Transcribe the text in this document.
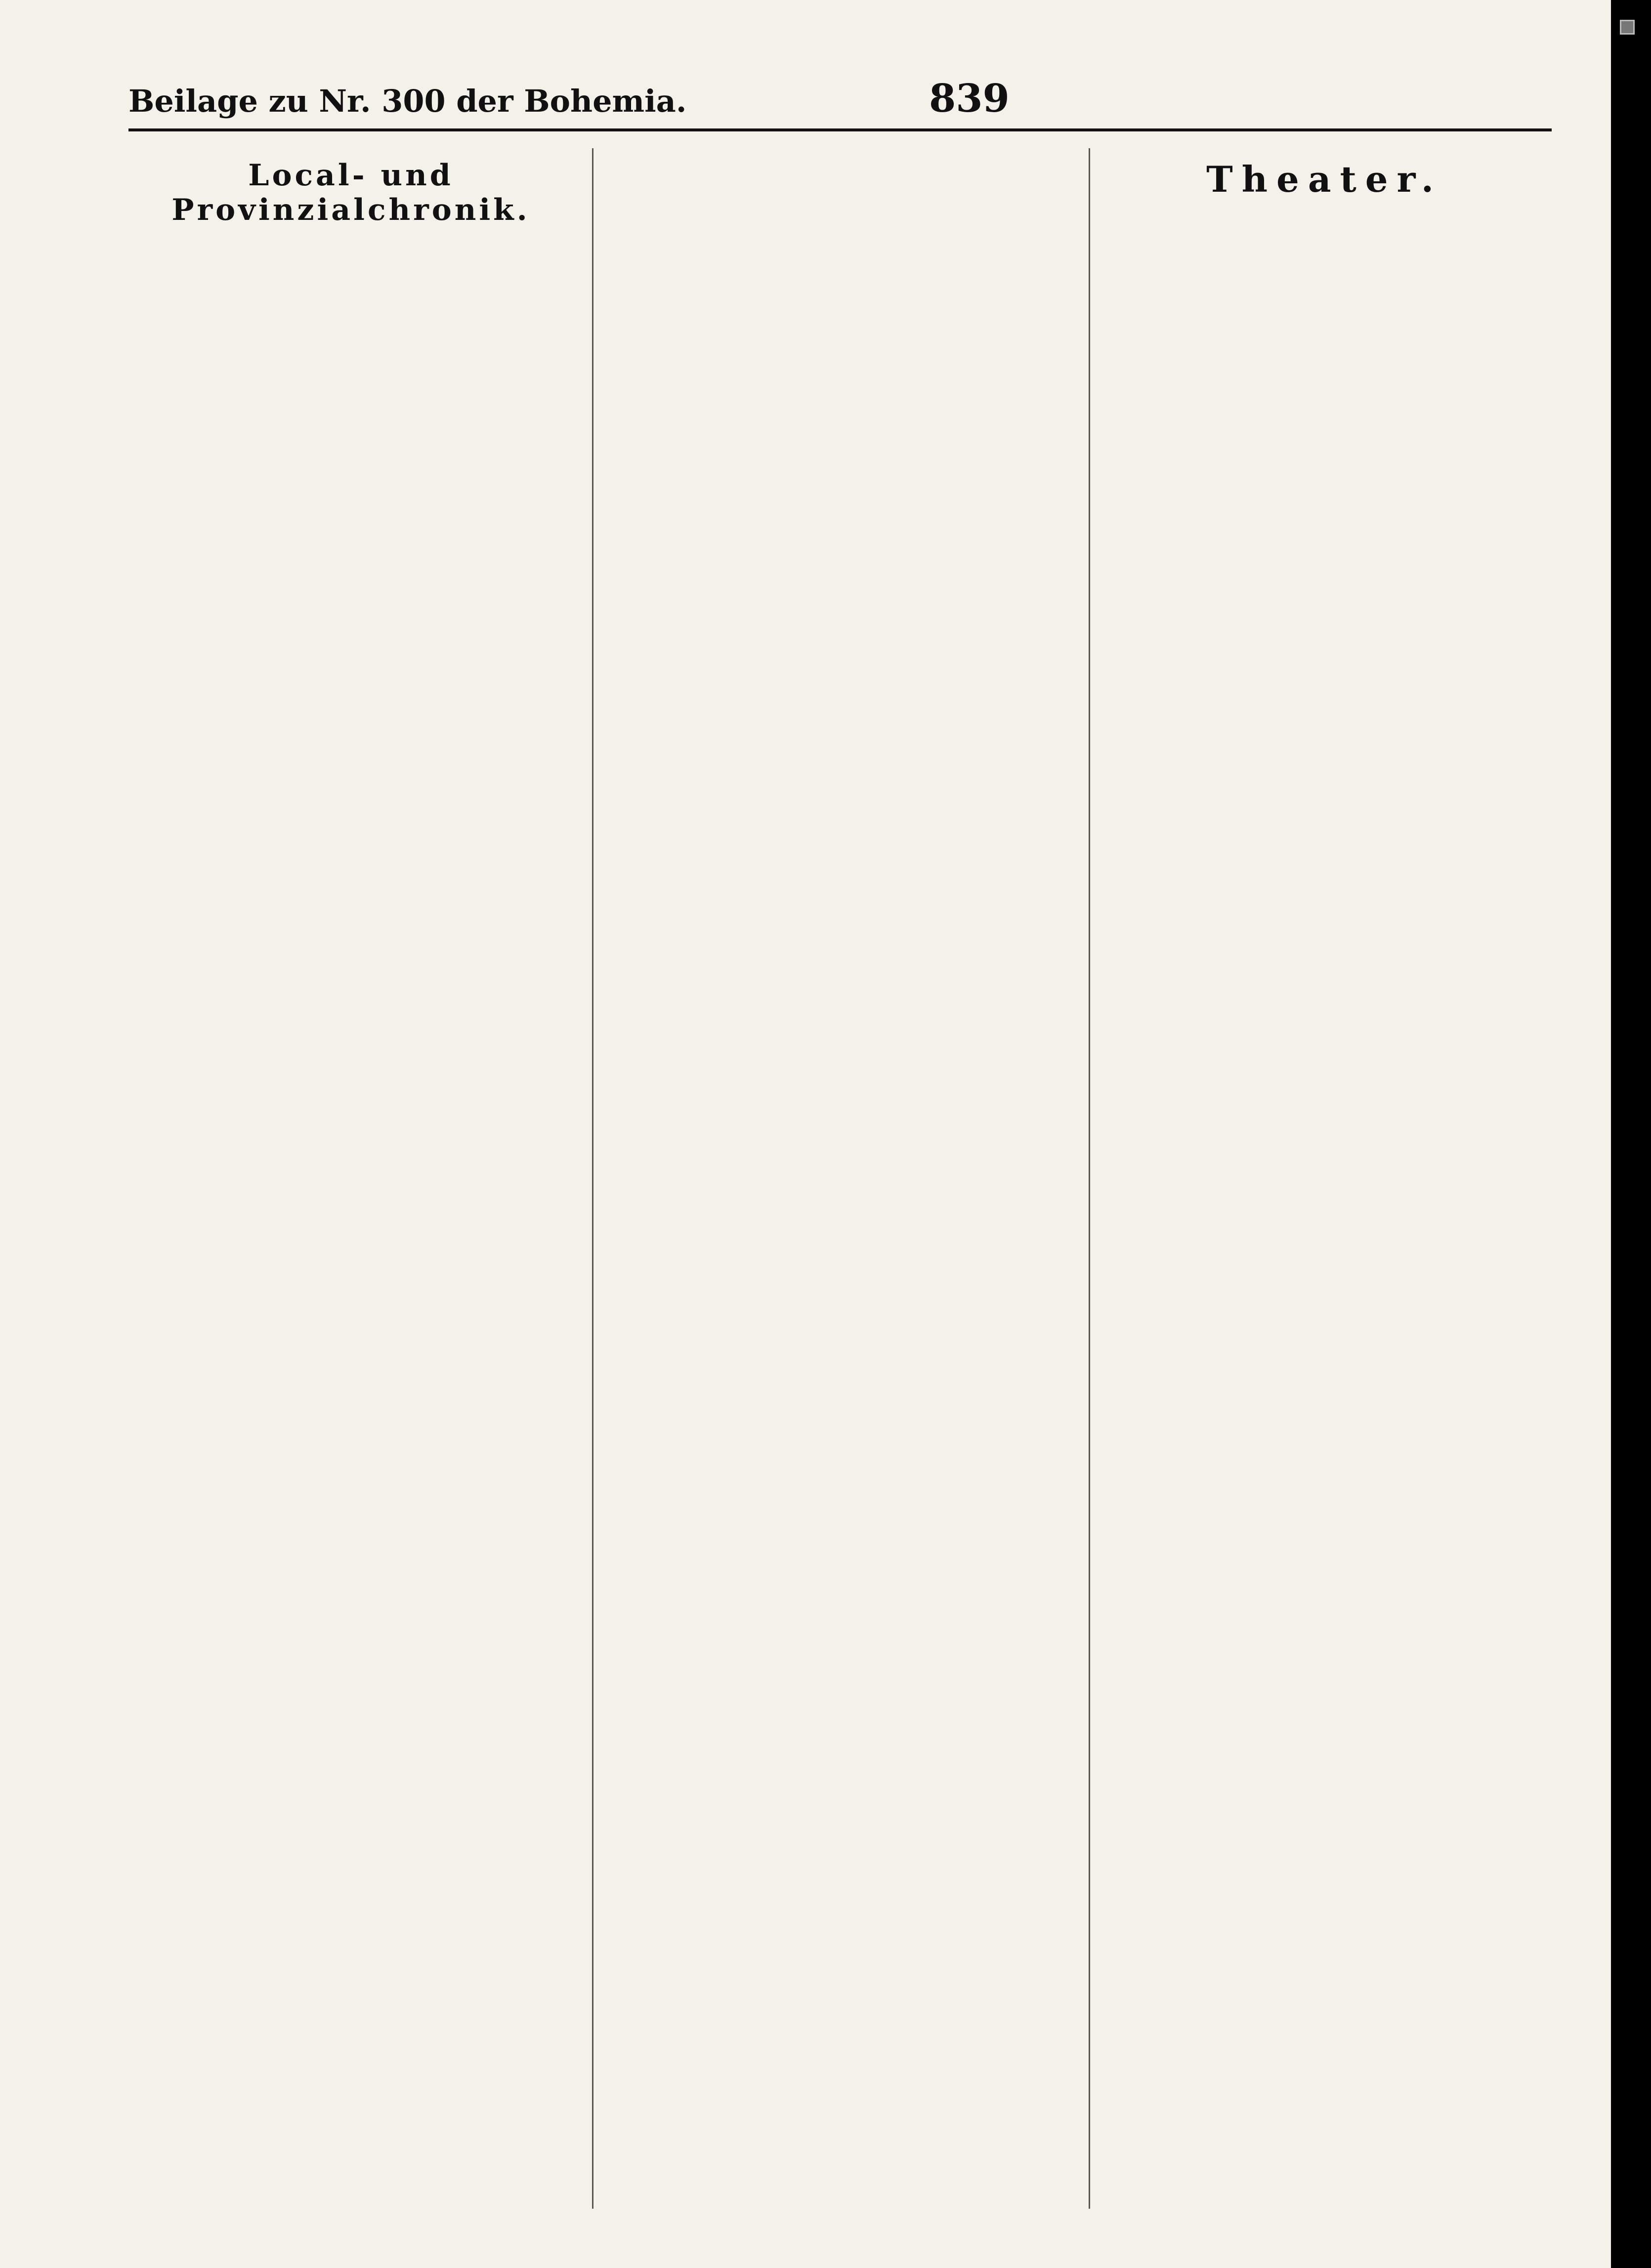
Beilage zu Nr. 300 der Bohemia.	839
Local- und Provinzialchronik.
Theater.
